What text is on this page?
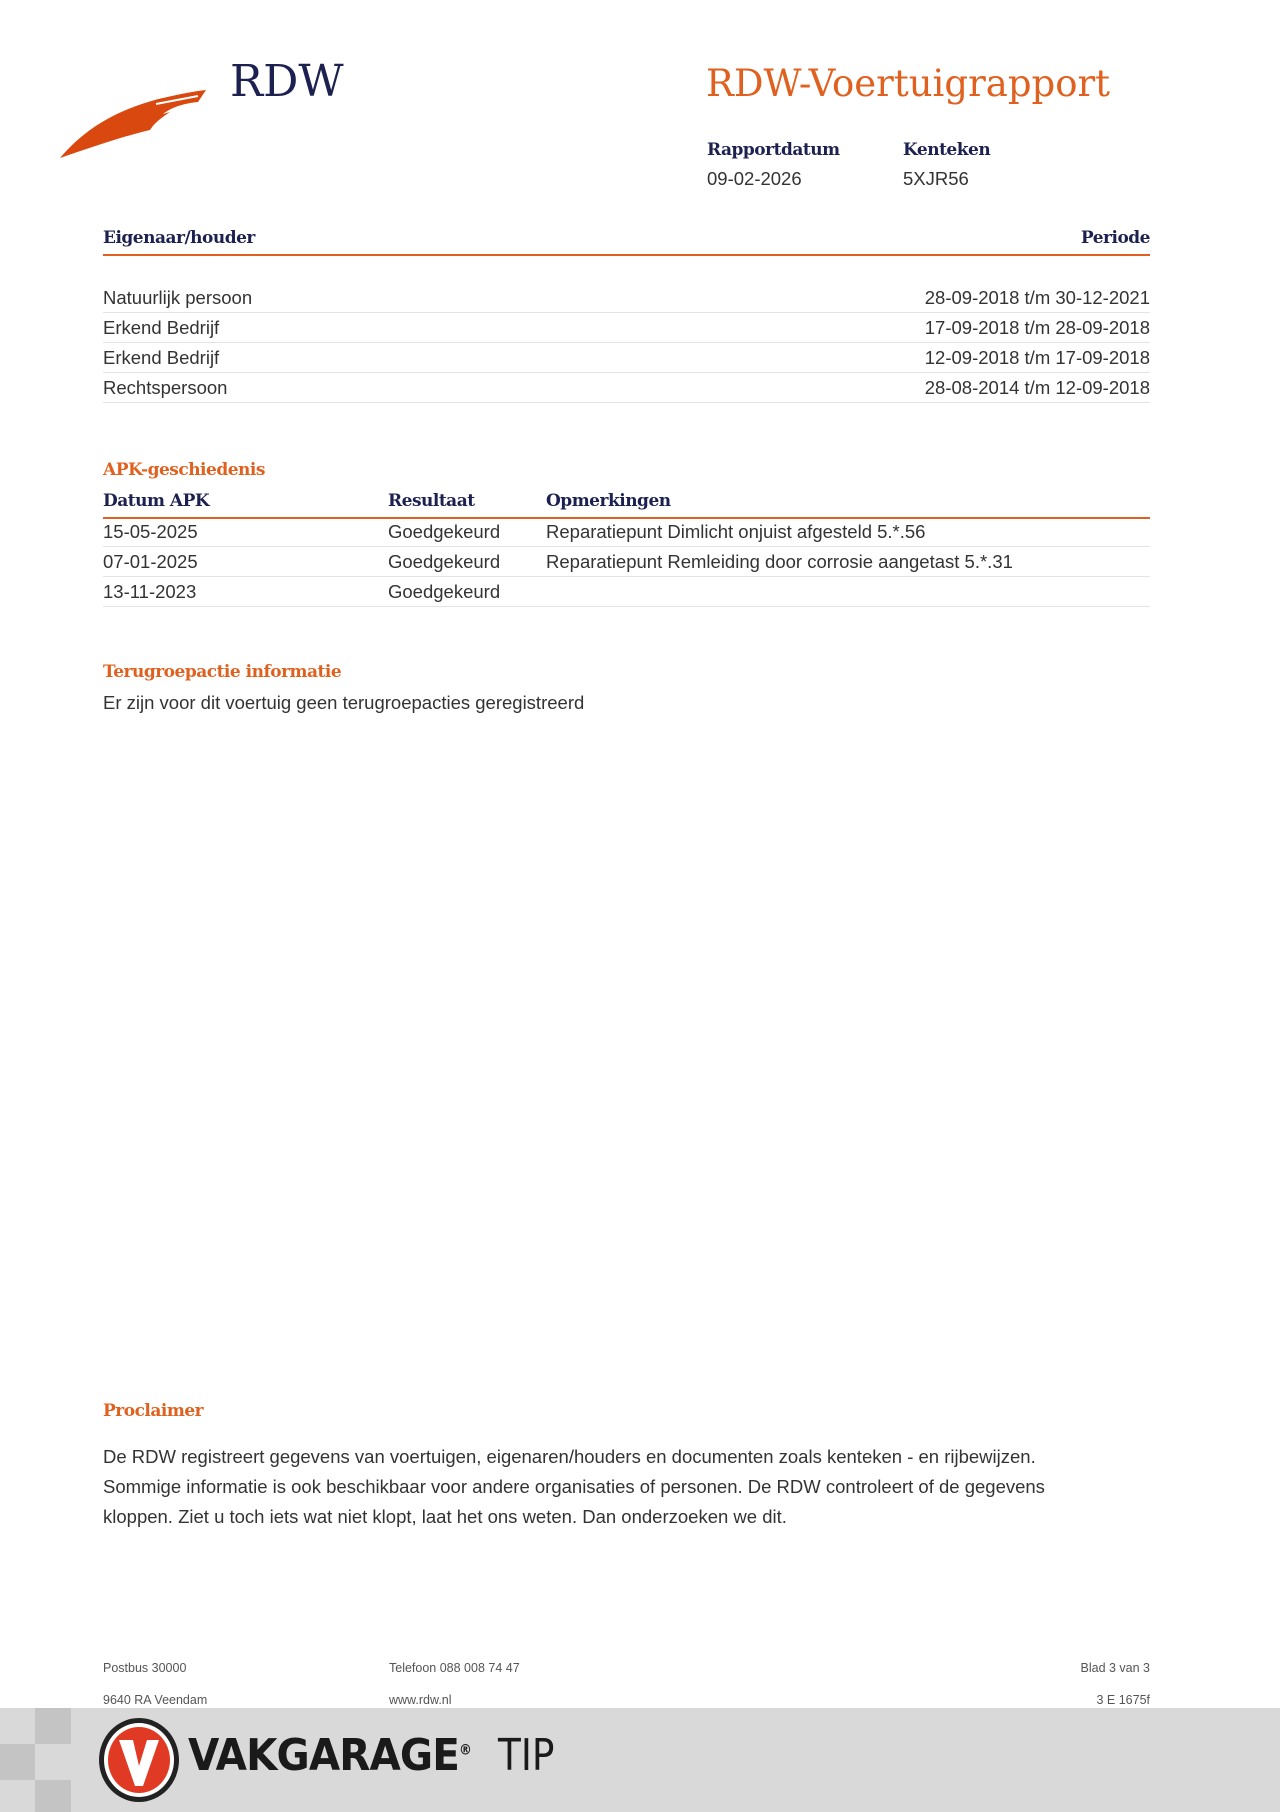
RDW	RDW-Voertuigrapport
Rapportdatum
09-02-2026
Kenteken
5XJR56
Eigenaar/houder	Periode
Natuurlijk persoon	28-09-2018 t/m 30-12-2021
Erkend Bedrijf	17-09-2018 t/m 28-09-2018
Erkend Bedrijf	12-09-2018 t/m 17-09-2018
Rechtspersoon	28-08-2014 t/m 12-09-2018
APK-geschiedenis
Datum APK	Resultaat	Opmerkingen
15-05-2025	Goedgekeurd	Reparatiepunt Dimlicht onjuist afgesteld 5.*.56
07-01-2025	Goedgekeurd	Reparatiepunt Remleiding door corrosie aangetast 5.*.31
13-11-2023	Goedgekeurd
Terugroepactie informatie
Er zijn voor dit voertuig geen terugroepacties geregistreerd
Proclaimer
De RDW registreert gegevens van voertuigen, eigenaren/houders en documenten zoals kenteken - en rijbewijzen.
Sommige informatie is ook beschikbaar voor andere organisaties of personen. De RDW controleert of de gegevens
kloppen. Ziet u toch iets wat niet klopt, laat het ons weten. Dan onderzoeken we dit.
Postbus 30000
9640 RA Veendam
Telefoon 088 008 74 47
www.rdw.nl
Blad 3 van 3
3 E 1675f
VAKGARAGE® TIP
